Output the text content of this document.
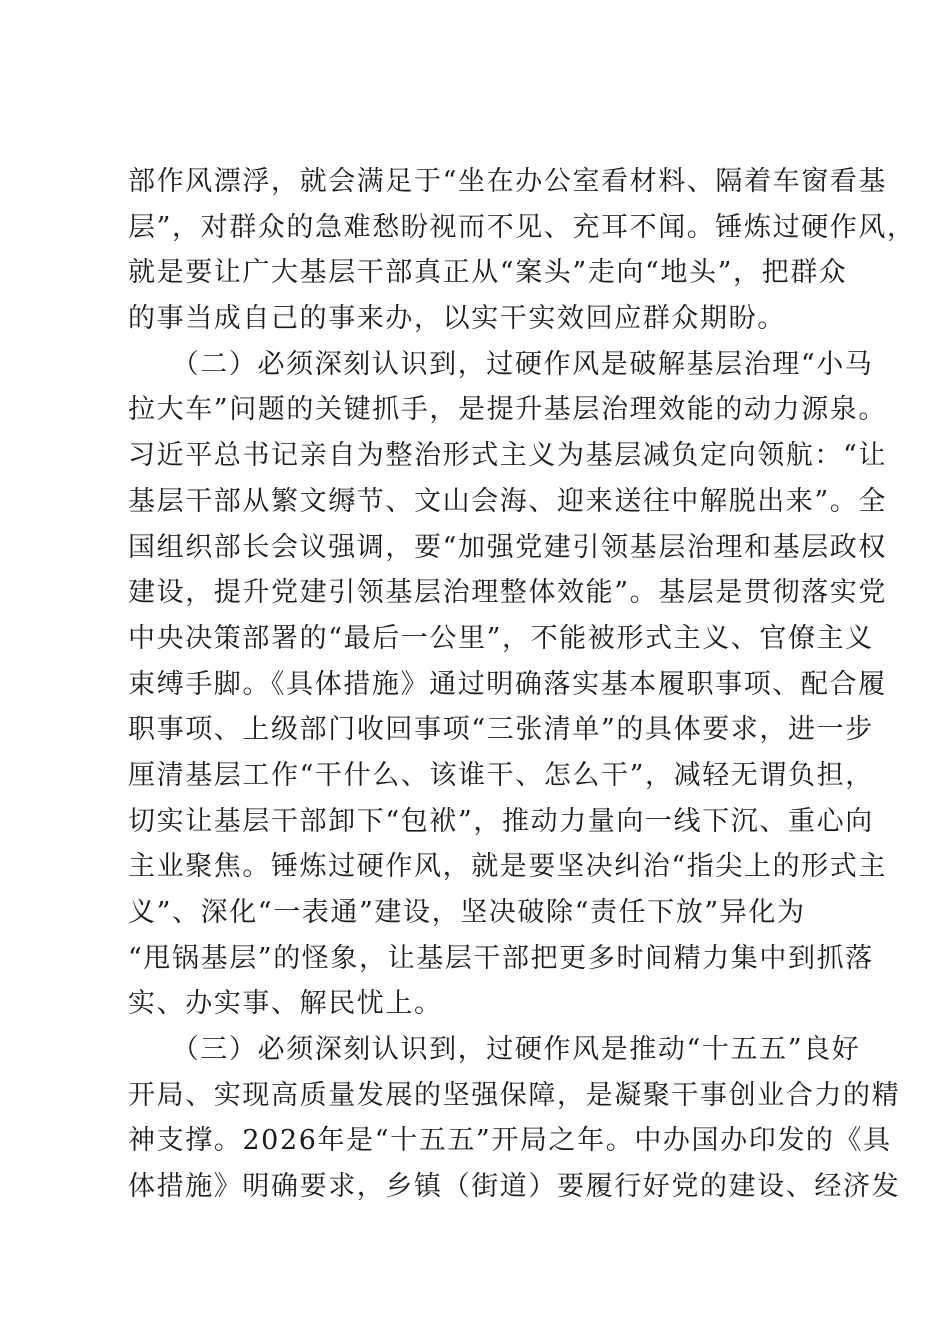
部作风漂浮，就会满足于“坐在办公室看材料、隔着车窗看基
层”，对群众的急难愁盼视而不见、充耳不闻。锤炼过硬作风，
就是要让广大基层干部真正从“案头”走向“地头”，把群众
的事当成自己的事来办，以实干实效回应群众期盼。
　　（二）必须深刻认识到，过硬作风是破解基层治理“小马
拉大车”问题的关键抓手，是提升基层治理效能的动力源泉。
习近平总书记亲自为整治形式主义为基层减负定向领航：“让
基层干部从繁文缛节、文山会海、迎来送往中解脱出来”。全
国组织部长会议强调，要“加强党建引领基层治理和基层政权
建设，提升党建引领基层治理整体效能”。基层是贯彻落实党
中央决策部署的“最后一公里”，不能被形式主义、官僚主义
束缚手脚。《具体措施》通过明确落实基本履职事项、配合履
职事项、上级部门收回事项“三张清单”的具体要求，进一步
厘清基层工作“干什么、该谁干、怎么干”，减轻无谓负担，
切实让基层干部卸下“包袱”，推动力量向一线下沉、重心向
主业聚焦。锤炼过硬作风，就是要坚决纠治“指尖上的形式主
义”、深化“一表通”建设，坚决破除“责任下放”异化为
“甩锅基层”的怪象，让基层干部把更多时间精力集中到抓落
实、办实事、解民忧上。
　　（三）必须深刻认识到，过硬作风是推动“十五五”良好
开局、实现高质量发展的坚强保障，是凝聚干事创业合力的精
神支撑。2026年是“十五五”开局之年。中办国办印发的《具
体措施》明确要求，乡镇（街道）要履行好党的建设、经济发
